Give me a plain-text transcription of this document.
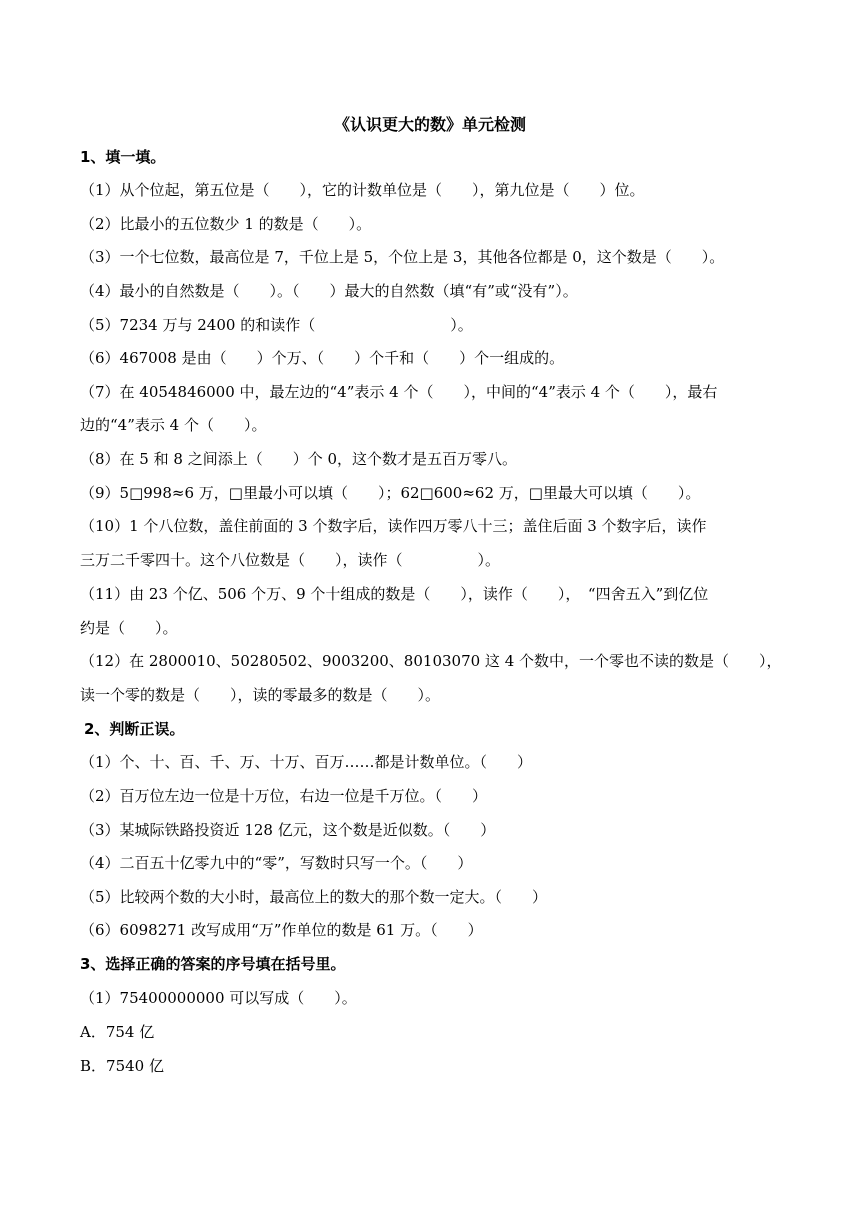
《认识更大的数》单元检测
1、填一填。
（1）从个位起，第五位是（　　），它的计数单位是（　　），第九位是（　　）位。
（2）比最小的五位数少 1 的数是（　　）。
（3）一个七位数，最高位是 7，千位上是 5，个位上是 3，其他各位都是 0，这个数是（　　）。
（4）最小的自然数是（　　）。（　　）最大的自然数（填“有”或“没有”）。
（5）7234 万与 2400 的和读作（　　　　　　　　　）。
（6）467008 是由（　　）个万、（　　）个千和（　　）个一组成的。
（7）在 4054846000 中，最左边的“4”表示 4 个（　　），中间的“4”表示 4 个（　　），最右
边的“4”表示 4 个（　　）。
（8）在 5 和 8 之间添上（　　）个 0，这个数才是五百万零八。
（9）5□998≈6 万，□里最小可以填（　　）；62□600≈62 万，□里最大可以填（　　）。
（10）1 个八位数，盖住前面的 3 个数字后，读作四万零八十三；盖住后面 3 个数字后，读作
三万二千零四十。这个八位数是（　　），读作（　　　　　）。
（11）由 23 个亿、506 个万、9 个十组成的数是（　　），读作（　　），　“四舍五入”到亿位
约是（　　）。
（12）在 2800010、50280502、9003200、80103070 这 4 个数中，一个零也不读的数是（　　），
读一个零的数是（　　），读的零最多的数是（　　）。
2、判断正误。
（1）个、十、百、千、万、十万、百万……都是计数单位。（　　）
（2）百万位左边一位是十万位，右边一位是千万位。（　　）
（3）某城际铁路投资近 128 亿元，这个数是近似数。（　　）
（4）二百五十亿零九中的“零”，写数时只写一个。（　　）
（5）比较两个数的大小时，最高位上的数大的那个数一定大。（　　）
（6）6098271 改写成用“万”作单位的数是 61 万。（　　）
3、选择正确的答案的序号填在括号里。
（1）75400000000 可以写成（　　）。
A．754 亿
B．7540 亿
